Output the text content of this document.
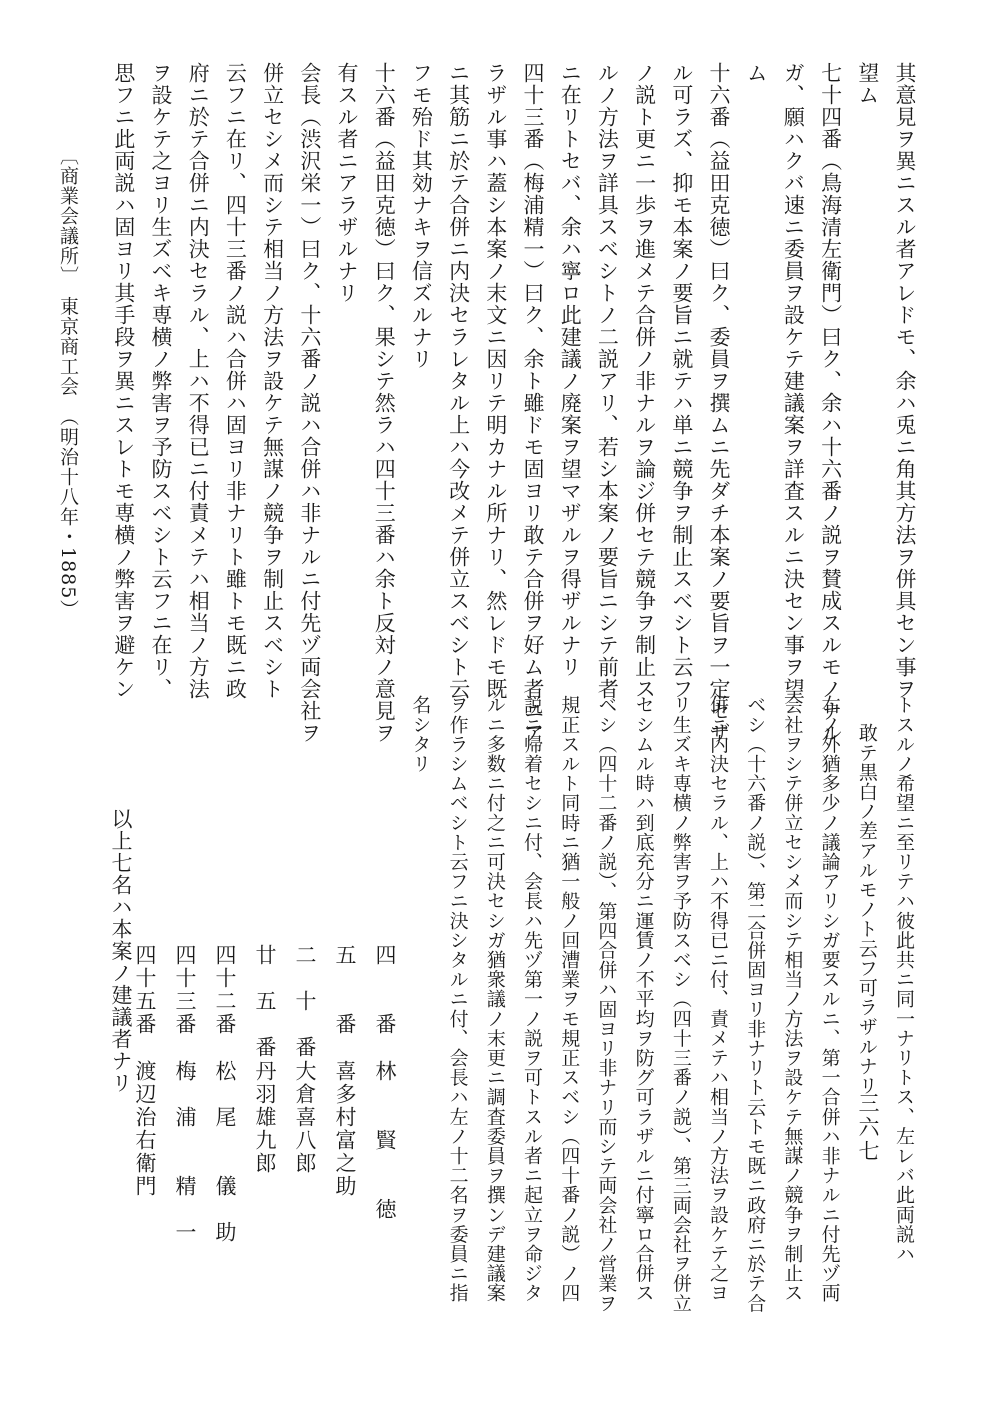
其意見ヲ異ニスル者アレドモ、余ハ兎ニ角其方法ヲ併具セン事ヲ
望ム
七十四番（鳥海清左衛門）曰ク、余ハ十六番ノ説ヲ賛成スルモノナル
ガ、願ハクバ速ニ委員ヲ設ケテ建議案ヲ詳査スルニ決セン事ヲ望
ム
十六番（益田克徳）曰ク、委員ヲ撰ムニ先ダチ本案ノ要旨ヲ一定セザ
ル可ラズ、抑モ本案ノ要旨ニ就テハ単ニ競争ヲ制止スベシト云フ
ノ説ト更ニ一歩ヲ進メテ合併ノ非ナルヲ論ジ併セテ競争ヲ制止ス
ルノ方法ヲ詳具スベシトノ二説アリ、若シ本案ノ要旨ニシテ前者
ニ在リトセバ、余ハ寧ロ此建議ノ廃案ヲ望マザルヲ得ザルナリ
四十三番（梅浦精一）曰ク、余ト雖ドモ固ヨリ敢テ合併ヲ好ム者ニア
ラザル事ハ蓋シ本案ノ末文ニ因リテ明カナル所ナリ、然レドモ既
ニ其筋ニ於テ合併ニ内決セラレタル上ハ今改メテ併立スベシト云
フモ殆ド其効ナキヲ信ズルナリ
十六番（益田克徳）曰ク、果シテ然ラハ四十三番ハ余ト反対ノ意見ヲ
有スル者ニアラザルナリ
会長（渋沢栄一）曰ク、十六番ノ説ハ合併ハ非ナルニ付先ヅ両会社ヲ
併立セシメ而シテ相当ノ方法ヲ設ケテ無謀ノ競争ヲ制止スベシト
云フニ在リ、四十三番ノ説ハ合併ハ固ヨリ非ナリト雖トモ既ニ政
府ニ於テ合併ニ内決セラル、上ハ不得已ニ付責メテハ相当ノ方法
ヲ設ケテ之ヨリ生ズベキ専横ノ弊害ヲ予防スベシト云フニ在リ、
思フニ此両説ハ固ヨリ其手段ヲ異ニスレトモ専横ノ弊害ヲ避ケン
トスルノ希望ニ至リテハ彼此共ニ同一ナリトス、左レバ此両説ハ
敢テ黒白ノ差アルモノト云フ可ラザルナリ
右ノ外猶多少ノ議論アリシガ要スルニ、第一合併ハ非ナルニ付先ヅ両
会社ヲシテ併立セシメ而シテ相当ノ方法ヲ設ケテ無謀ノ競争ヲ制止ス
ベシ（十六番ノ説）、第二合併固ヨリ非ナリト云トモ既ニ政府ニ於テ合
併ニ内決セラル、上ハ不得已ニ付、責メテハ相当ノ方法ヲ設ケテ之ヨ
リ生ズキ専横ノ弊害ヲ予防スベシ（四十三番ノ説）、第三両会社ヲ併立
セシムル時ハ到底充分ニ運賃ノ不平均ヲ防グ可ラザルニ付寧ロ合併ス
ベシ（四十二番ノ説）、第四合併ハ固ヨリ非ナリ而シテ両会社ノ営業ヲ
規正スルト同時ニ猶一般ノ回漕業ヲモ規正スベシ（四十番ノ説）ノ四
説ニ帰着セシニ付、会長ハ先ヅ第一ノ説ヲ可トスル者ニ起立ヲ命ジタ
ルニ多数ニ付之ニ可決セシガ猶衆議ノ末更ニ調査委員ヲ撰ンデ建議案
ヲ作ラシムベシト云フニ決シタルニ付、会長ハ左ノ十二名ヲ委員ニ指
名シタリ
四　　番
林　　賢　　徳
五　　番
喜多村富之助
二　十　番
大倉喜八郎
廿　五　番
丹羽雄九郎
四十二番
松　尾　　儀　助
四十三番
梅　浦　　精　一
四十五番
渡辺治右衛門
以上七名ハ本案ノ建議者ナリ
〔商業会議所〕　東京商工会　（明治十八年・1885）
三六七
